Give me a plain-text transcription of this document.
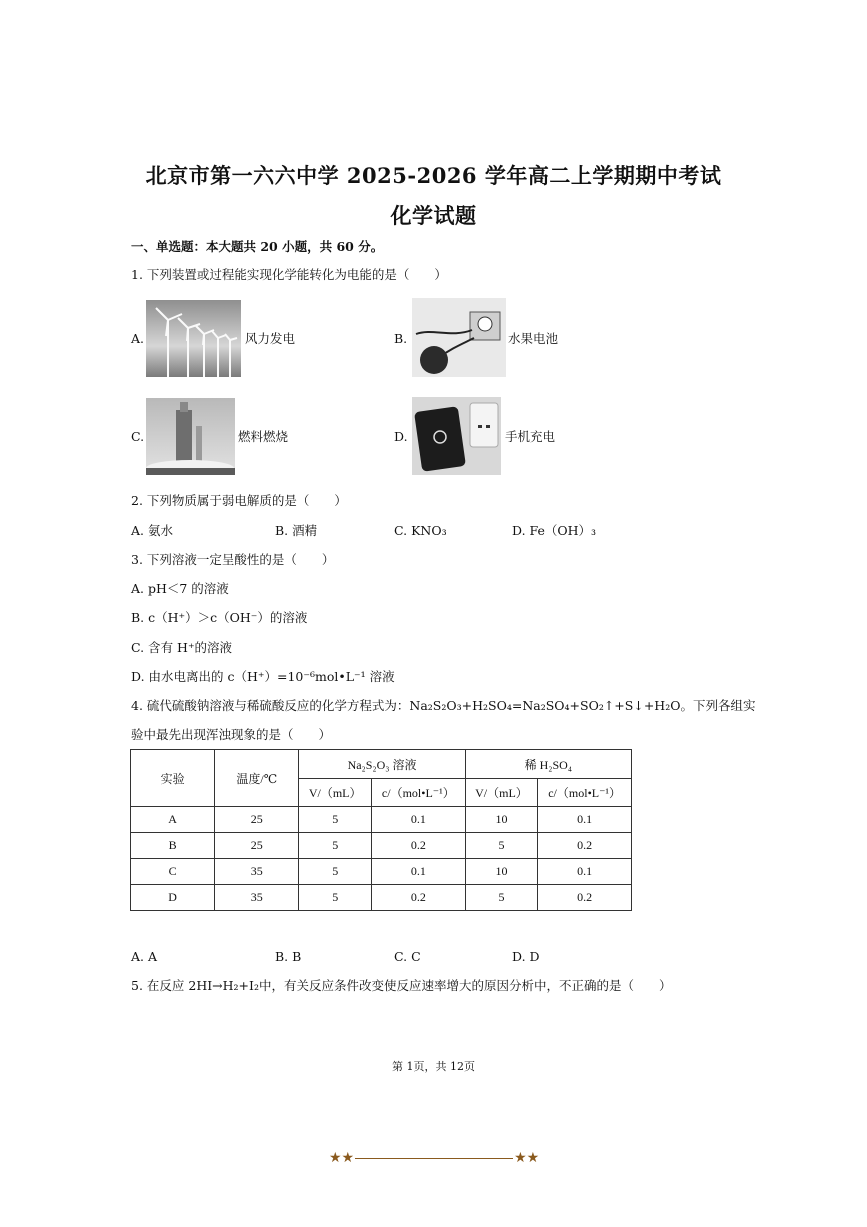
北京市第一六六中学 2025-2026 学年高二上学期期中考试
化学试题
一、单选题：本大题共 20 小题，共 60 分。
1. 下列装置或过程能实现化学能转化为电能的是（　　）
A.	风力发电	B.	水果电池
C.	燃料燃烧	D.	手机充电
2. 下列物质属于弱电解质的是（　　）
A. 氨水	B. 酒精	C. KNO₃	D. Fe（OH）₃
3. 下列溶液一定呈酸性的是（　　）
A. pH＜7 的溶液
B. c（H⁺）＞c（OH⁻）的溶液
C. 含有 H⁺的溶液
D. 由水电离出的 c（H⁺）=10⁻⁶mol•L⁻¹ 溶液
4. 硫代硫酸钠溶液与稀硫酸反应的化学方程式为：Na₂S₂O₃+H₂SO₄=Na₂SO₄+SO₂↑+S↓+H₂O。下列各组实
验中最先出现浑浊现象的是（　　）
实验	温度/℃	Na₂S₂O₃ 溶液		稀 H₂SO₄	
		V/（mL）	c/（mol•L⁻¹）	V/（mL）	c/（mol•L⁻¹）
A	25	5	0.1	10	0.1
B	25	5	0.2	5	0.2
C	35	5	0.1	10	0.1
D	35	5	0.2	5	0.2
A. A	B. B	C. C	D. D
5. 在反应 2HI→H₂+I₂中，有关反应条件改变使反应速率增大的原因分析中，不正确的是（　　）
第 1页，共 12页
★★	★★
